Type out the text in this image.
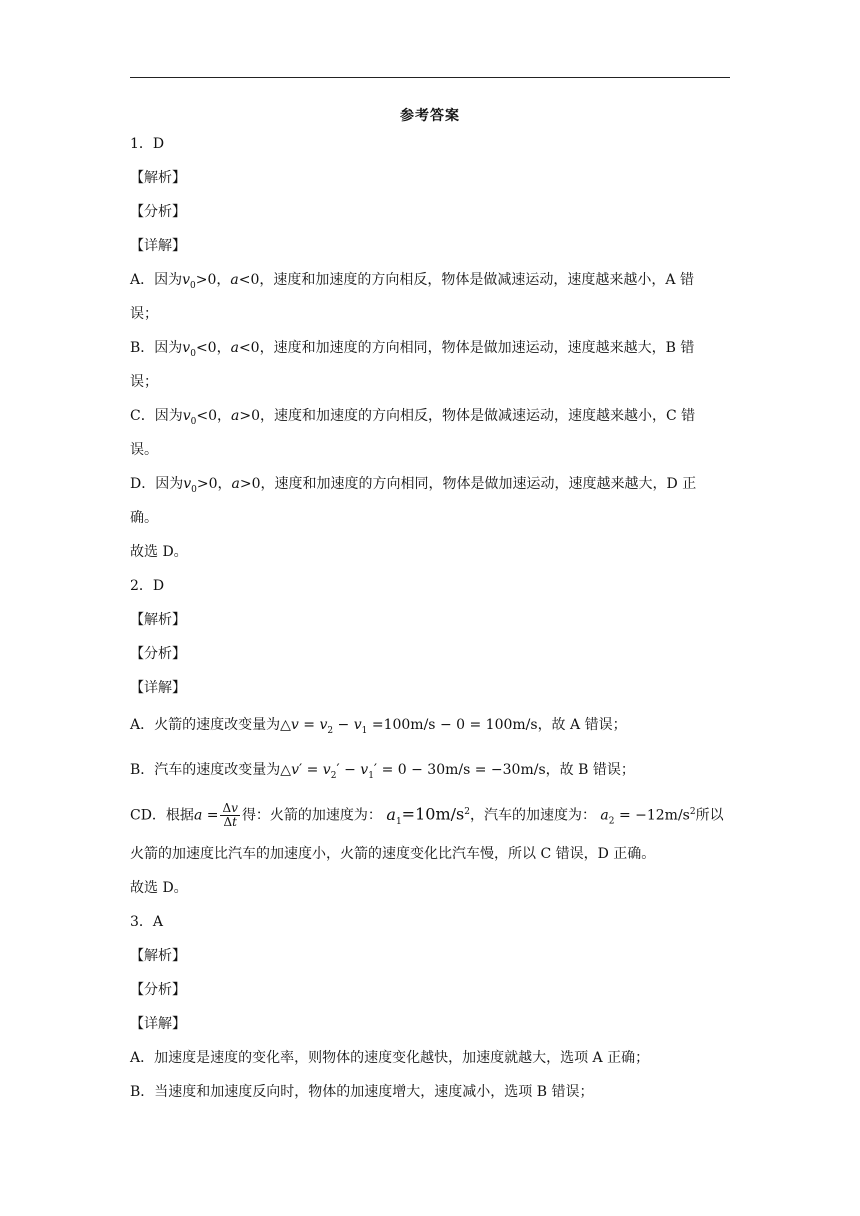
参考答案
1．D
【解析】
【分析】
【详解】
A．因为$v_0>0$，a<0，速度和加速度的方向相反，物体是做减速运动，速度越来越小，A 错
误；
B．因为$v_0<0$，a<0，速度和加速度的方向相同，物体是做加速运动，速度越来越大，B 错
误；
C．因为$v_0<0$，a>0，速度和加速度的方向相反，物体是做减速运动，速度越来越小，C 错
误。
D．因为$v_0>0$，a>0，速度和加速度的方向相同，物体是做加速运动，速度越来越大，D 正
确。
故选 D。
2．D
【解析】
【分析】
【详解】
A．火箭的速度改变量为△v = $v_2 - v_1 =100m/s - 0 = 100m/s$，故 A 错误；
B．汽车的速度改变量为△v′ = $v_2' - v_1' = 0 - 30m/s = -30m/s$，故 B 错误；
CD．根据$a = \frac{\Delta v}{\Delta t}$ 得：火箭的加速度为： $a_1=10m/s^2$，汽车的加速度为： $a_2 = -12m/s^2$所以
火箭的加速度比汽车的加速度小，火箭的速度变化比汽车慢，所以 C 错误，D 正确。
故选 D。
3．A
【解析】
【分析】
【详解】
A．加速度是速度的变化率，则物体的速度变化越快，加速度就越大，选项 A 正确；
B．当速度和加速度反向时，物体的加速度增大，速度减小，选项 B 错误；
